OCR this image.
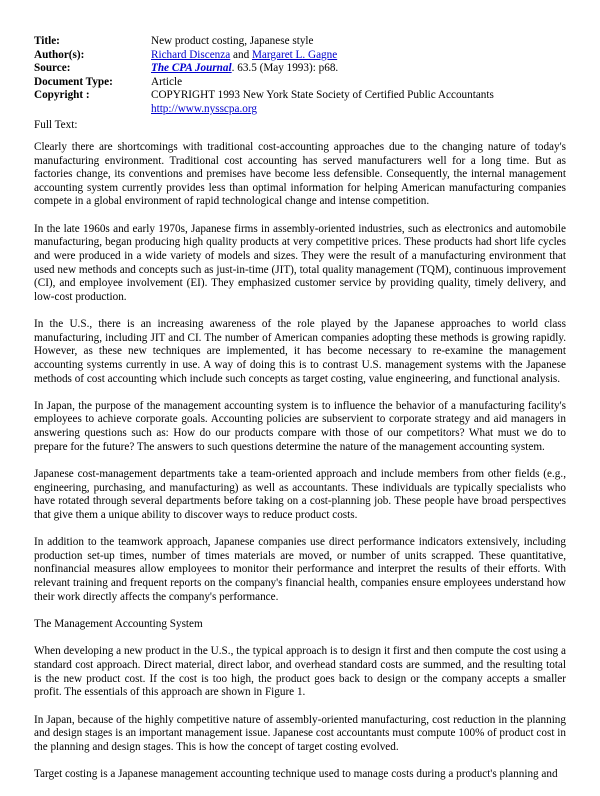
Title:	New product costing, Japanese style
Author(s):	Richard Discenza and Margaret L. Gagne
Source:	The CPA Journal. 63.5 (May 1993): p68.
Document Type:	Article
Copyright :	COPYRIGHT 1993 New York State Society of Certified Public Accountants
http://www.nysscpa.org
Full Text:

Clearly there are shortcomings with traditional cost-accounting approaches due to the changing nature of today's manufacturing environment. Traditional cost accounting has served manufacturers well for a long time. But as factories change, its conventions and premises have become less defensible. Consequently, the internal management accounting system currently provides less than optimal information for helping American manufacturing companies compete in a global environment of rapid technological change and intense competition.

In the late 1960s and early 1970s, Japanese firms in assembly-oriented industries, such as electronics and automobile manufacturing, began producing high quality products at very competitive prices. These products had short life cycles and were produced in a wide variety of models and sizes. They were the result of a manufacturing environment that used new methods and concepts such as just-in-time (JIT), total quality management (TQM), continuous improvement (CI), and employee involvement (EI). They emphasized customer service by providing quality, timely delivery, and low-cost production.

In the U.S., there is an increasing awareness of the role played by the Japanese approaches to world class manufacturing, including JIT and CI. The number of American companies adopting these methods is growing rapidly. However, as these new techniques are implemented, it has become necessary to re-examine the management accounting systems currently in use. A way of doing this is to contrast U.S. management systems with the Japanese methods of cost accounting which include such concepts as target costing, value engineering, and functional analysis.

In Japan, the purpose of the management accounting system is to influence the behavior of a manufacturing facility's employees to achieve corporate goals. Accounting policies are subservient to corporate strategy and aid managers in answering questions such as: How do our products compare with those of our competitors? What must we do to prepare for the future? The answers to such questions determine the nature of the management accounting system.

Japanese cost-management departments take a team-oriented approach and include members from other fields (e.g., engineering, purchasing, and manufacturing) as well as accountants. These individuals are typically specialists who have rotated through several departments before taking on a cost-planning job. These people have broad perspectives that give them a unique ability to discover ways to reduce product costs.

In addition to the teamwork approach, Japanese companies use direct performance indicators extensively, including production set-up times, number of times materials are moved, or number of units scrapped. These quantitative, nonfinancial measures allow employees to monitor their performance and interpret the results of their efforts. With relevant training and frequent reports on the company's financial health, companies ensure employees understand how their work directly affects the company's performance.

The Management Accounting System

When developing a new product in the U.S., the typical approach is to design it first and then compute the cost using a standard cost approach. Direct material, direct labor, and overhead standard costs are summed, and the resulting total is the new product cost. If the cost is too high, the product goes back to design or the company accepts a smaller profit. The essentials of this approach are shown in Figure 1.

In Japan, because of the highly competitive nature of assembly-oriented manufacturing, cost reduction in the planning and design stages is an important management issue. Japanese cost accountants must compute 100% of product cost in the planning and design stages. This is how the concept of target costing evolved.

Target costing is a Japanese management accounting technique used to manage costs during a product's planning and
